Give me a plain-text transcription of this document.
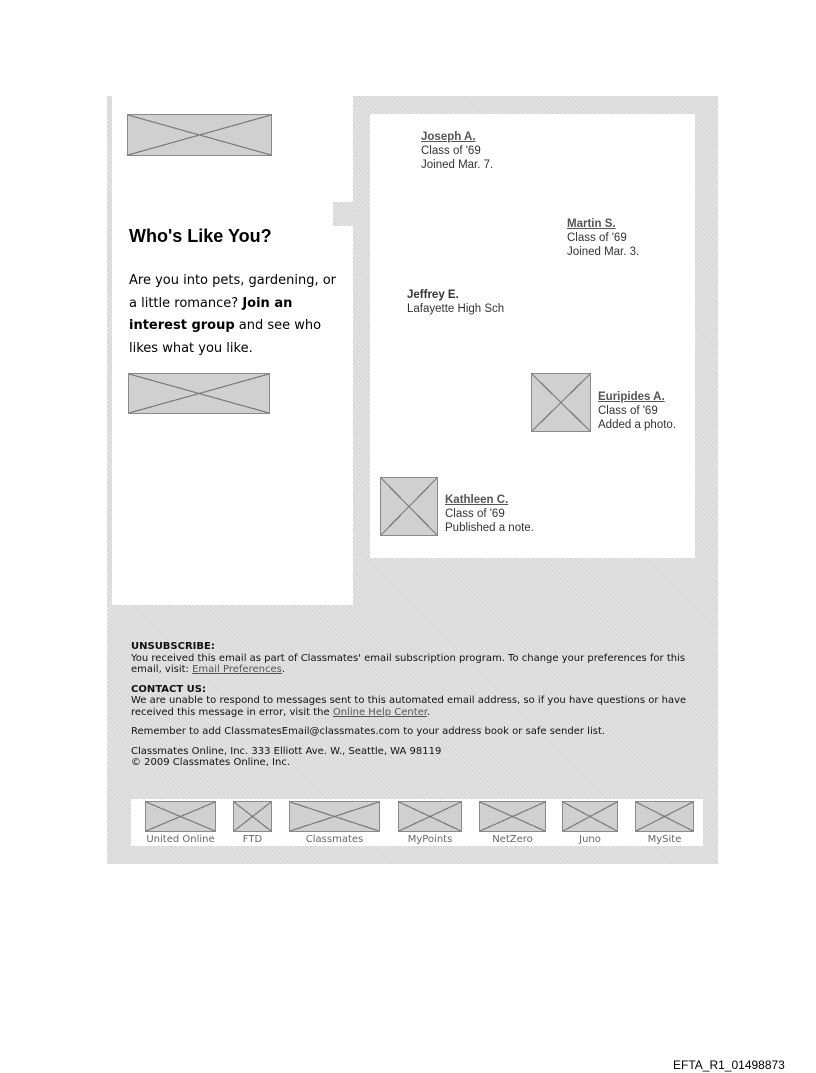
Who's Like You?
Are you into pets, gardening, or a little romance? Join an interest group and see who likes what you like.
Joseph A.
Class of '69
Joined Mar. 7.
Martin S.
Class of '69
Joined Mar. 3.
Jeffrey E.
Lafayette High Sch
Euripides A.
Class of '69
Added a photo.
Kathleen C.
Class of '69
Published a note.

UNSUBSCRIBE:
You received this email as part of Classmates' email subscription program. To change your preferences for this email, visit: Email Preferences.

CONTACT US:
We are unable to respond to messages sent to this automated email address, so if you have questions or have received this message in error, visit the Online Help Center.

Remember to add ClassmatesEmail@classmates.com to your address book or safe sender list.

Classmates Online, Inc. 333 Elliott Ave. W., Seattle, WA 98119
© 2009 Classmates Online, Inc.

United Online	FTD	Classmates	MyPoints	NetZero	Juno	MySite
EFTA_R1_01498873
